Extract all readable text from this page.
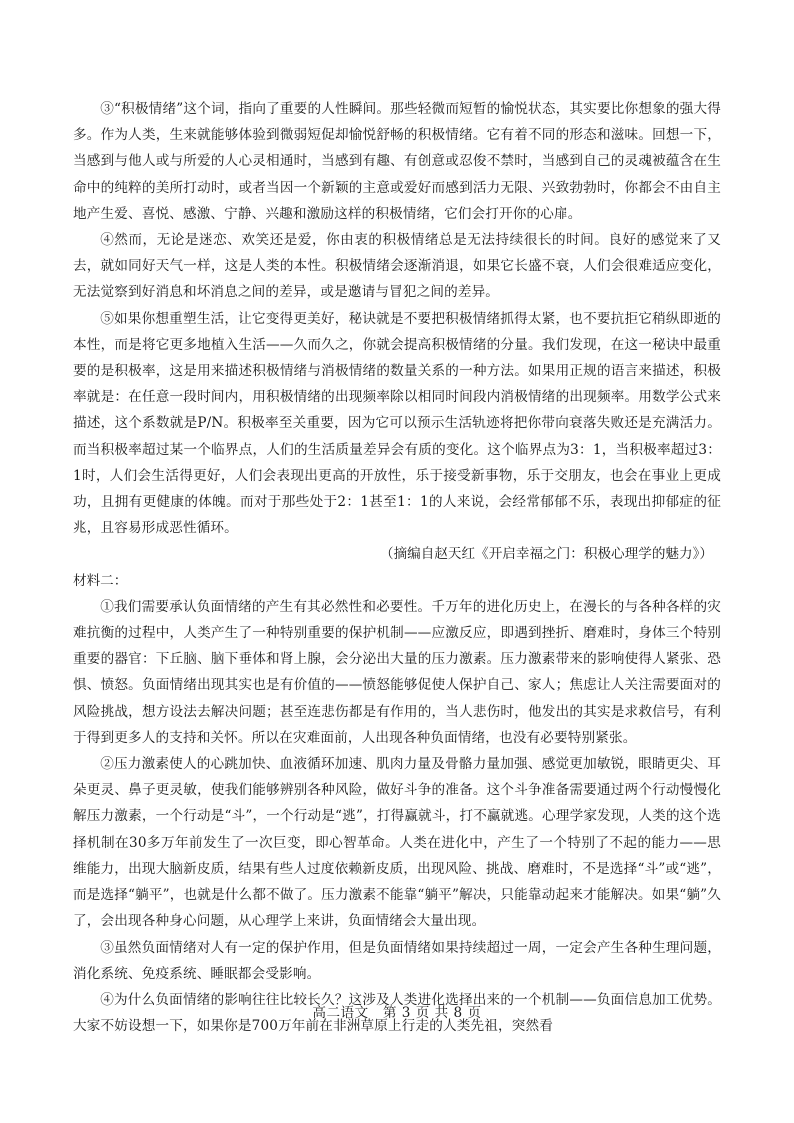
③“积极情绪”这个词，指向了重要的人性瞬间。那些轻微而短暂的愉悦状态，其实要比你想象的强大得多。作为人类，生来就能够体验到微弱短促却愉悦舒畅的积极情绪。它有着不同的形态和滋味。回想一下，当感到与他人或与所爱的人心灵相通时，当感到有趣、有创意或忍俊不禁时，当感到自己的灵魂被蕴含在生命中的纯粹的美所打动时，或者当因一个新颖的主意或爱好而感到活力无限、兴致勃勃时，你都会不由自主地产生爱、喜悦、感激、宁静、兴趣和激励这样的积极情绪，它们会打开你的心扉。

④然而，无论是迷恋、欢笑还是爱，你由衷的积极情绪总是无法持续很长的时间。良好的感觉来了又去，就如同好天气一样，这是人类的本性。积极情绪会逐渐消退，如果它长盛不衰，人们会很难适应变化，无法觉察到好消息和坏消息之间的差异，或是邀请与冒犯之间的差异。

⑤如果你想重塑生活，让它变得更美好，秘诀就是不要把积极情绪抓得太紧，也不要抗拒它稍纵即逝的本性，而是将它更多地植入生活——久而久之，你就会提高积极情绪的分量。我们发现，在这一秘诀中最重要的是积极率，这是用来描述积极情绪与消极情绪的数量关系的一种方法。如果用正规的语言来描述，积极率就是：在任意一段时间内，用积极情绪的出现频率除以相同时间段内消极情绪的出现频率。用数学公式来描述，这个系数就是P/N。积极率至关重要，因为它可以预示生活轨迹将把你带向衰落失败还是充满活力。而当积极率超过某一个临界点，人们的生活质量差异会有质的变化。这个临界点为3：1，当积极率超过3：1时，人们会生活得更好，人们会表现出更高的开放性，乐于接受新事物，乐于交朋友，也会在事业上更成功，且拥有更健康的体魄。而对于那些处于2：1甚至1：1的人来说，会经常郁郁不乐，表现出抑郁症的征兆，且容易形成恶性循环。

（摘编自赵天红《开启幸福之门：积极心理学的魅力》）

材料二：

①我们需要承认负面情绪的产生有其必然性和必要性。千万年的进化历史上，在漫长的与各种各样的灾难抗衡的过程中，人类产生了一种特别重要的保护机制——应激反应，即遇到挫折、磨难时，身体三个特别重要的器官：下丘脑、脑下垂体和肾上腺，会分泌出大量的压力激素。压力激素带来的影响使得人紧张、恐惧、愤怒。负面情绪出现其实也是有价值的——愤怒能够促使人保护自己、家人；焦虑让人关注需要面对的风险挑战，想方设法去解决问题；甚至连悲伤都是有作用的，当人悲伤时，他发出的其实是求救信号，有利于得到更多人的支持和关怀。所以在灾难面前，人出现各种负面情绪，也没有必要特别紧张。

②压力激素使人的心跳加快、血液循环加速、肌肉力量及骨骼力量加强、感觉更加敏锐，眼睛更尖、耳朵更灵、鼻子更灵敏，使我们能够辨别各种风险，做好斗争的准备。这个斗争准备需要通过两个行动慢慢化解压力激素，一个行动是“斗”，一个行动是“逃”，打得赢就斗，打不赢就逃。心理学家发现，人类的这个选择机制在30多万年前发生了一次巨变，即心智革命。人类在进化中，产生了一个特别了不起的能力——思维能力，出现大脑新皮质，结果有些人过度依赖新皮质，出现风险、挑战、磨难时，不是选择“斗”或“逃”，而是选择“躺平”，也就是什么都不做了。压力激素不能靠“躺平”解决，只能靠动起来才能解决。如果“躺”久了，会出现各种身心问题，从心理学上来讲，负面情绪会大量出现。

③虽然负面情绪对人有一定的保护作用，但是负面情绪如果持续超过一周，一定会产生各种生理问题，消化系统、免疫系统、睡眠都会受影响。

④为什么负面情绪的影响往往比较长久？这涉及人类进化选择出来的一个机制——负面信息加工优势。大家不妨设想一下，如果你是700万年前在非洲草原上行走的人类先祖，突然看

高二语文　第 3 页 共 8 页
